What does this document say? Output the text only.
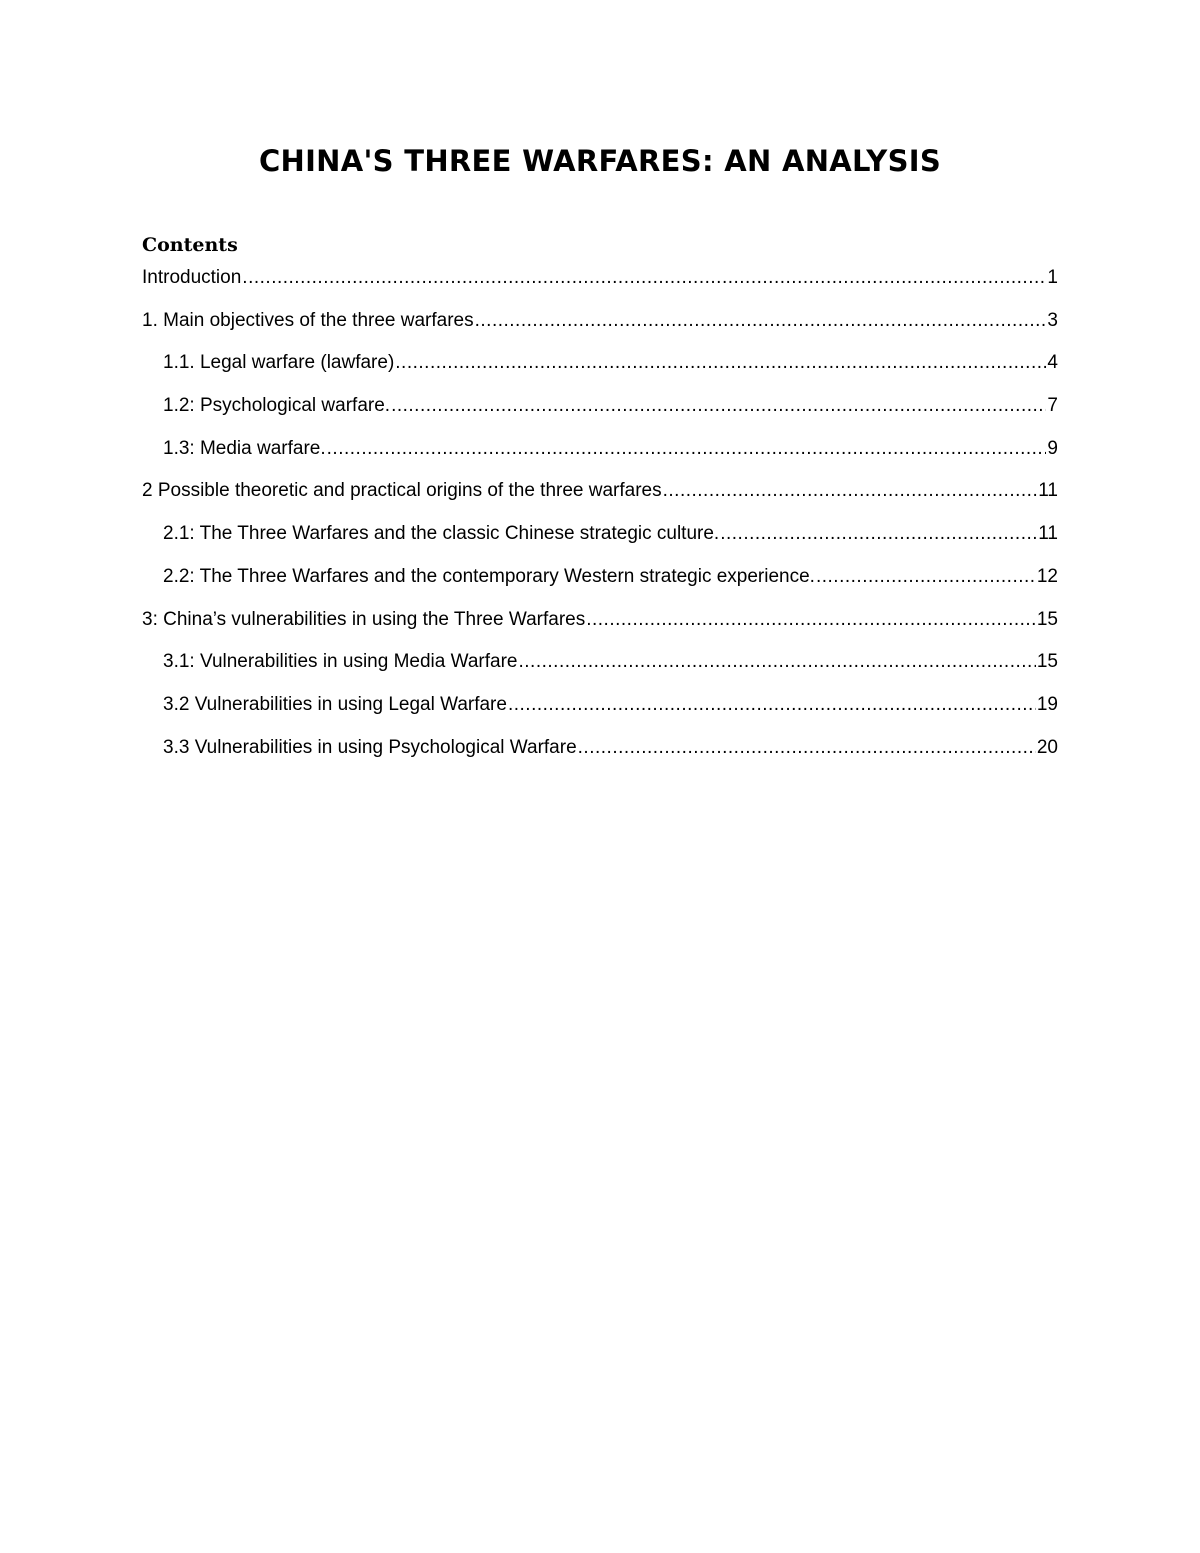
CHINA'S THREE WARFARES: AN ANALYSIS
Contents
Introduction .....	1
1. Main objectives of the three warfares .....	3
1.1. Legal warfare (lawfare) .....	4
1.2: Psychological warfare. .....	7
1.3: Media warfare. .....	9
2 Possible theoretic and practical origins of the three warfares .....	11
2.1: The Three Warfares and the classic Chinese strategic culture. .....	11
2.2: The Three Warfares and the contemporary Western strategic experience. .....	12
3: China’s vulnerabilities in using the Three Warfares .....	15
3.1: Vulnerabilities in using Media Warfare .....	15
3.2 Vulnerabilities in using Legal Warfare .....	19
3.3 Vulnerabilities in using Psychological Warfare .....	20
